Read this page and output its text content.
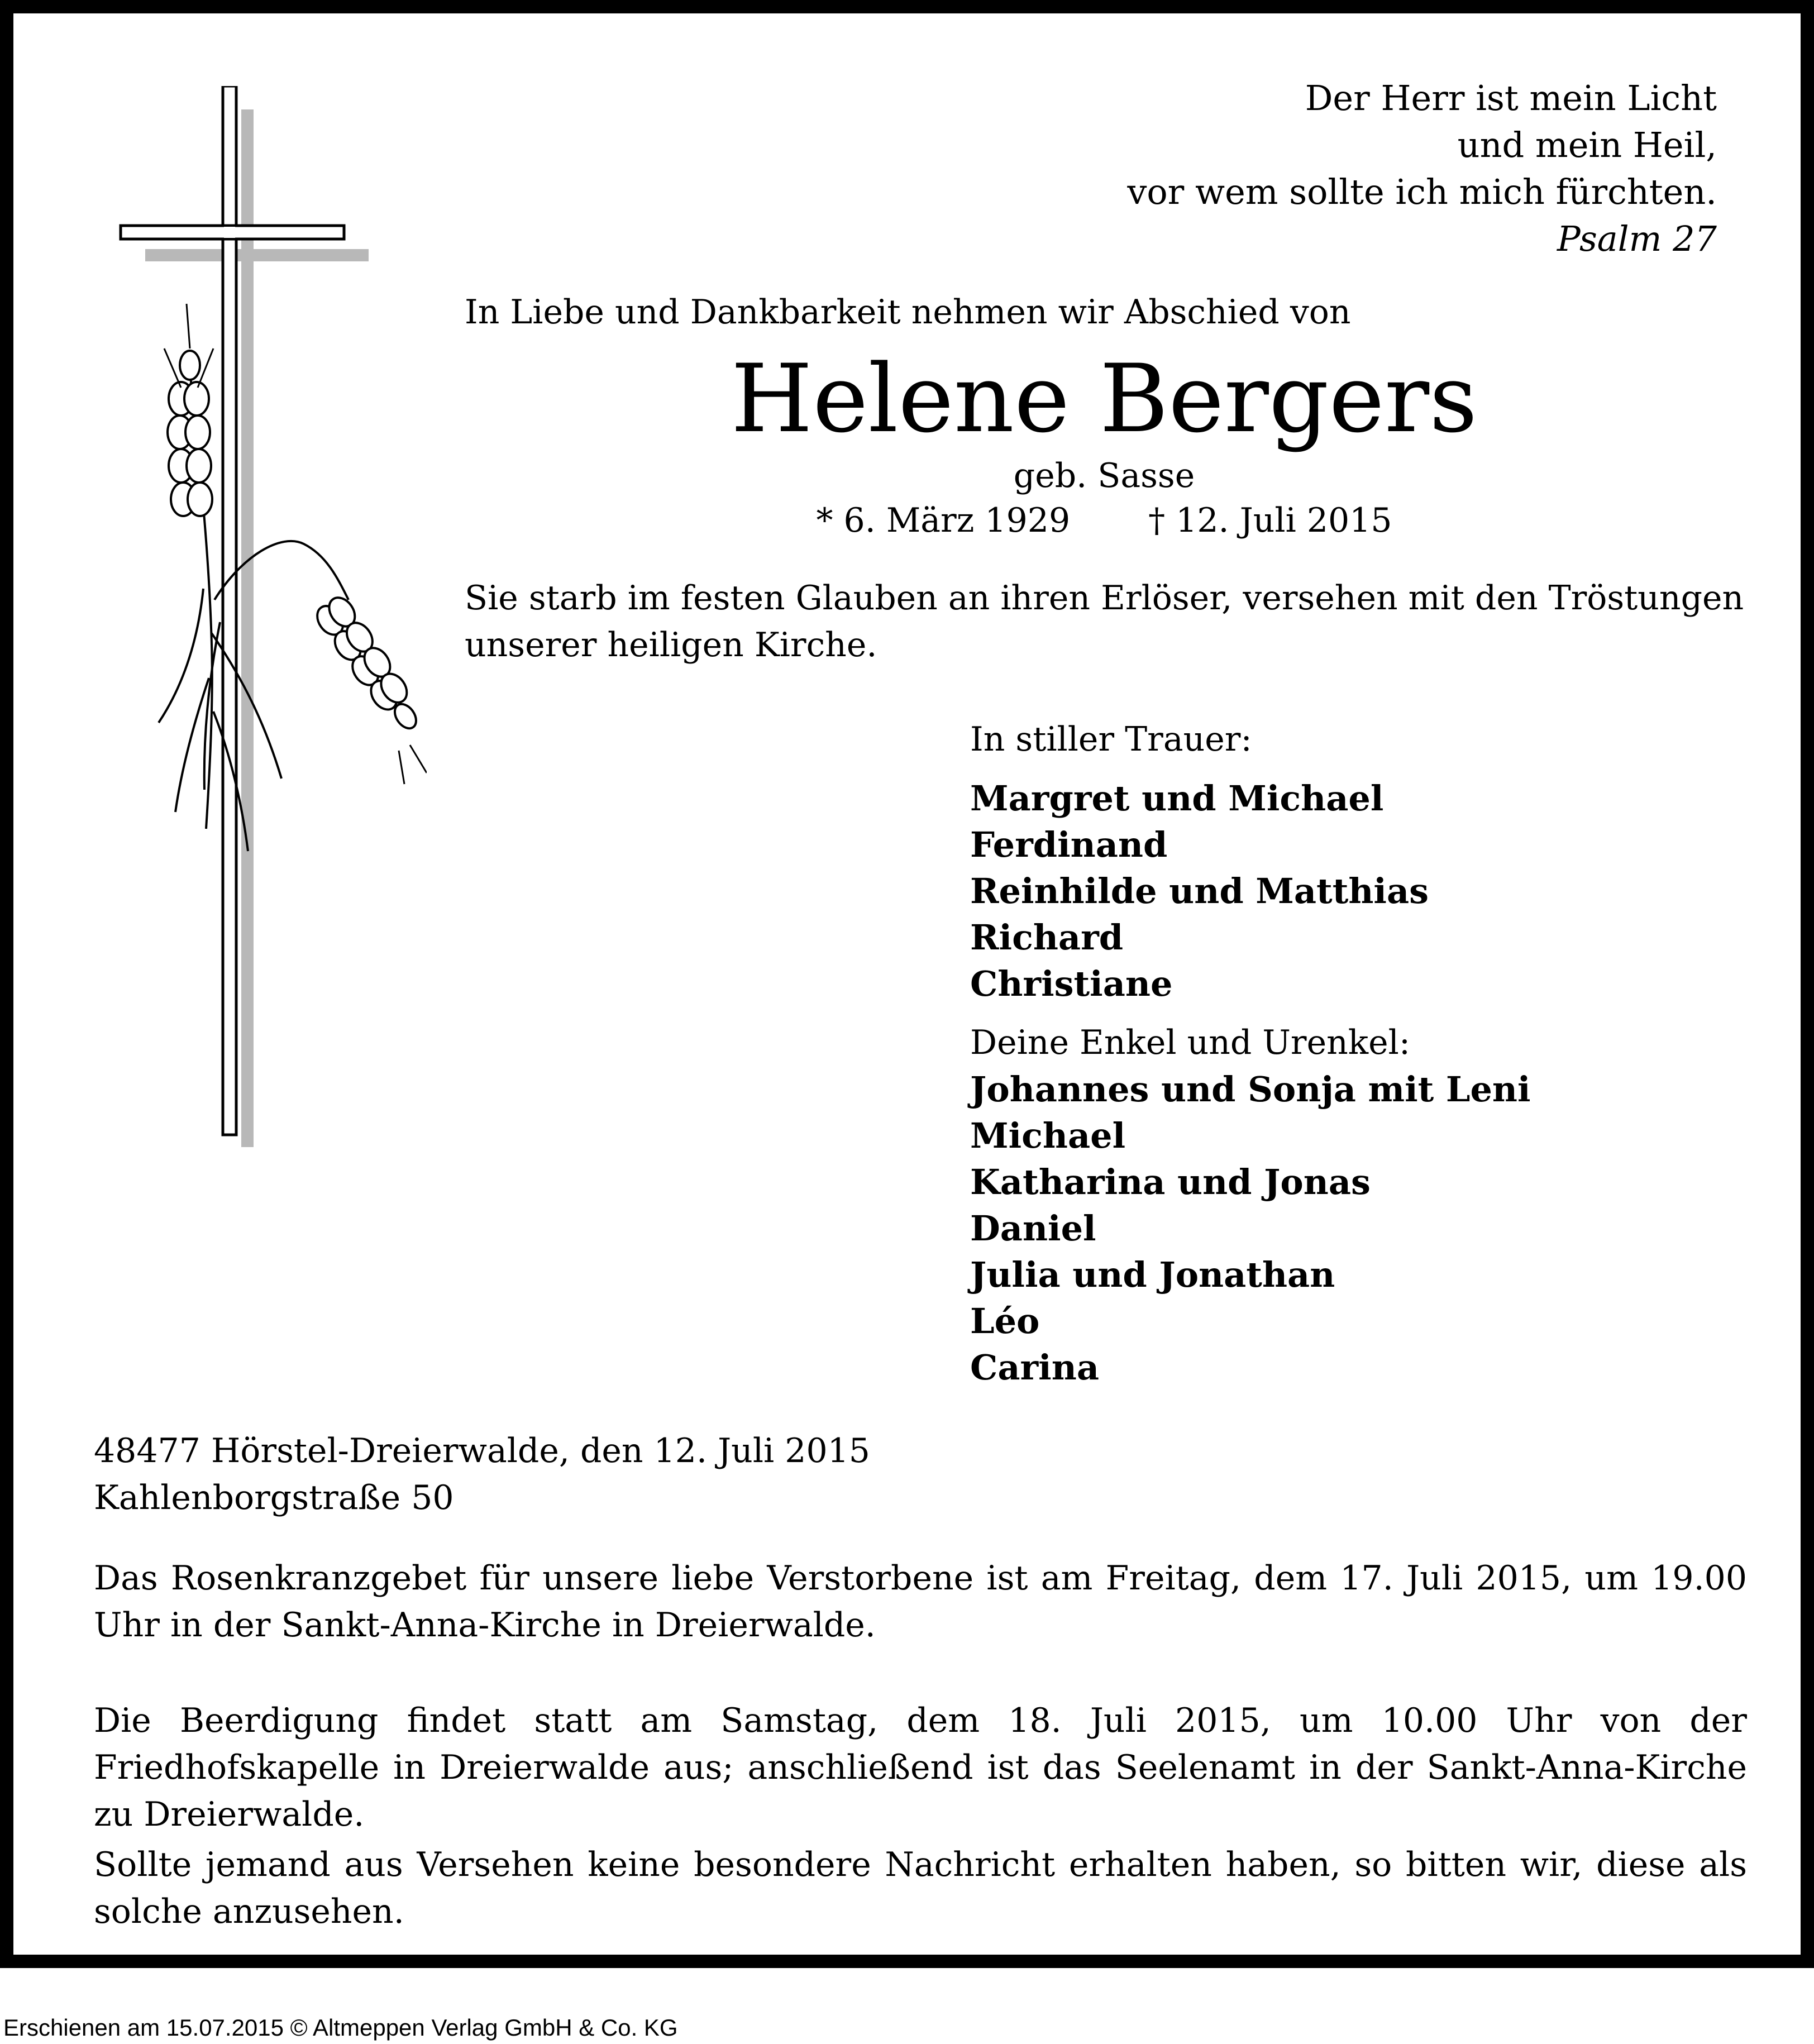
Der Herr ist mein Licht
und mein Heil,
vor wem sollte ich mich fürchten.
Psalm 27
In Liebe und Dankbarkeit nehmen wir Abschied von
Helene Bergers
geb. Sasse
* 6. März 1929 † 12. Juli 2015
Sie starb im festen Glauben an ihren Erlöser, versehen mit den Tröstungen
unserer heiligen Kirche.
In stiller Trauer:
Margret und Michael
Ferdinand
Reinhilde und Matthias
Richard
Christiane
Deine Enkel und Urenkel:
Johannes und Sonja mit Leni
Michael
Katharina und Jonas
Daniel
Julia und Jonathan
Léo
Carina
48477 Hörstel-Dreierwalde, den 12. Juli 2015
Kahlenborgstraße 50
Das Rosenkranzgebet für unsere liebe Verstorbene ist am Freitag, dem 17. Juli 2015, um 19.00 Uhr in der Sankt-Anna-Kirche in Dreierwalde.
Die Beerdigung findet statt am Samstag, dem 18. Juli 2015, um 10.00 Uhr von der Friedhofskapelle in Dreierwalde aus; anschließend ist das Seelenamt in der Sankt-Anna-Kirche zu Dreierwalde.
Sollte jemand aus Versehen keine besondere Nachricht erhalten haben, so bitten wir, diese als solche anzusehen.
Erschienen am 15.07.2015 © Altmeppen Verlag GmbH & Co. KG
